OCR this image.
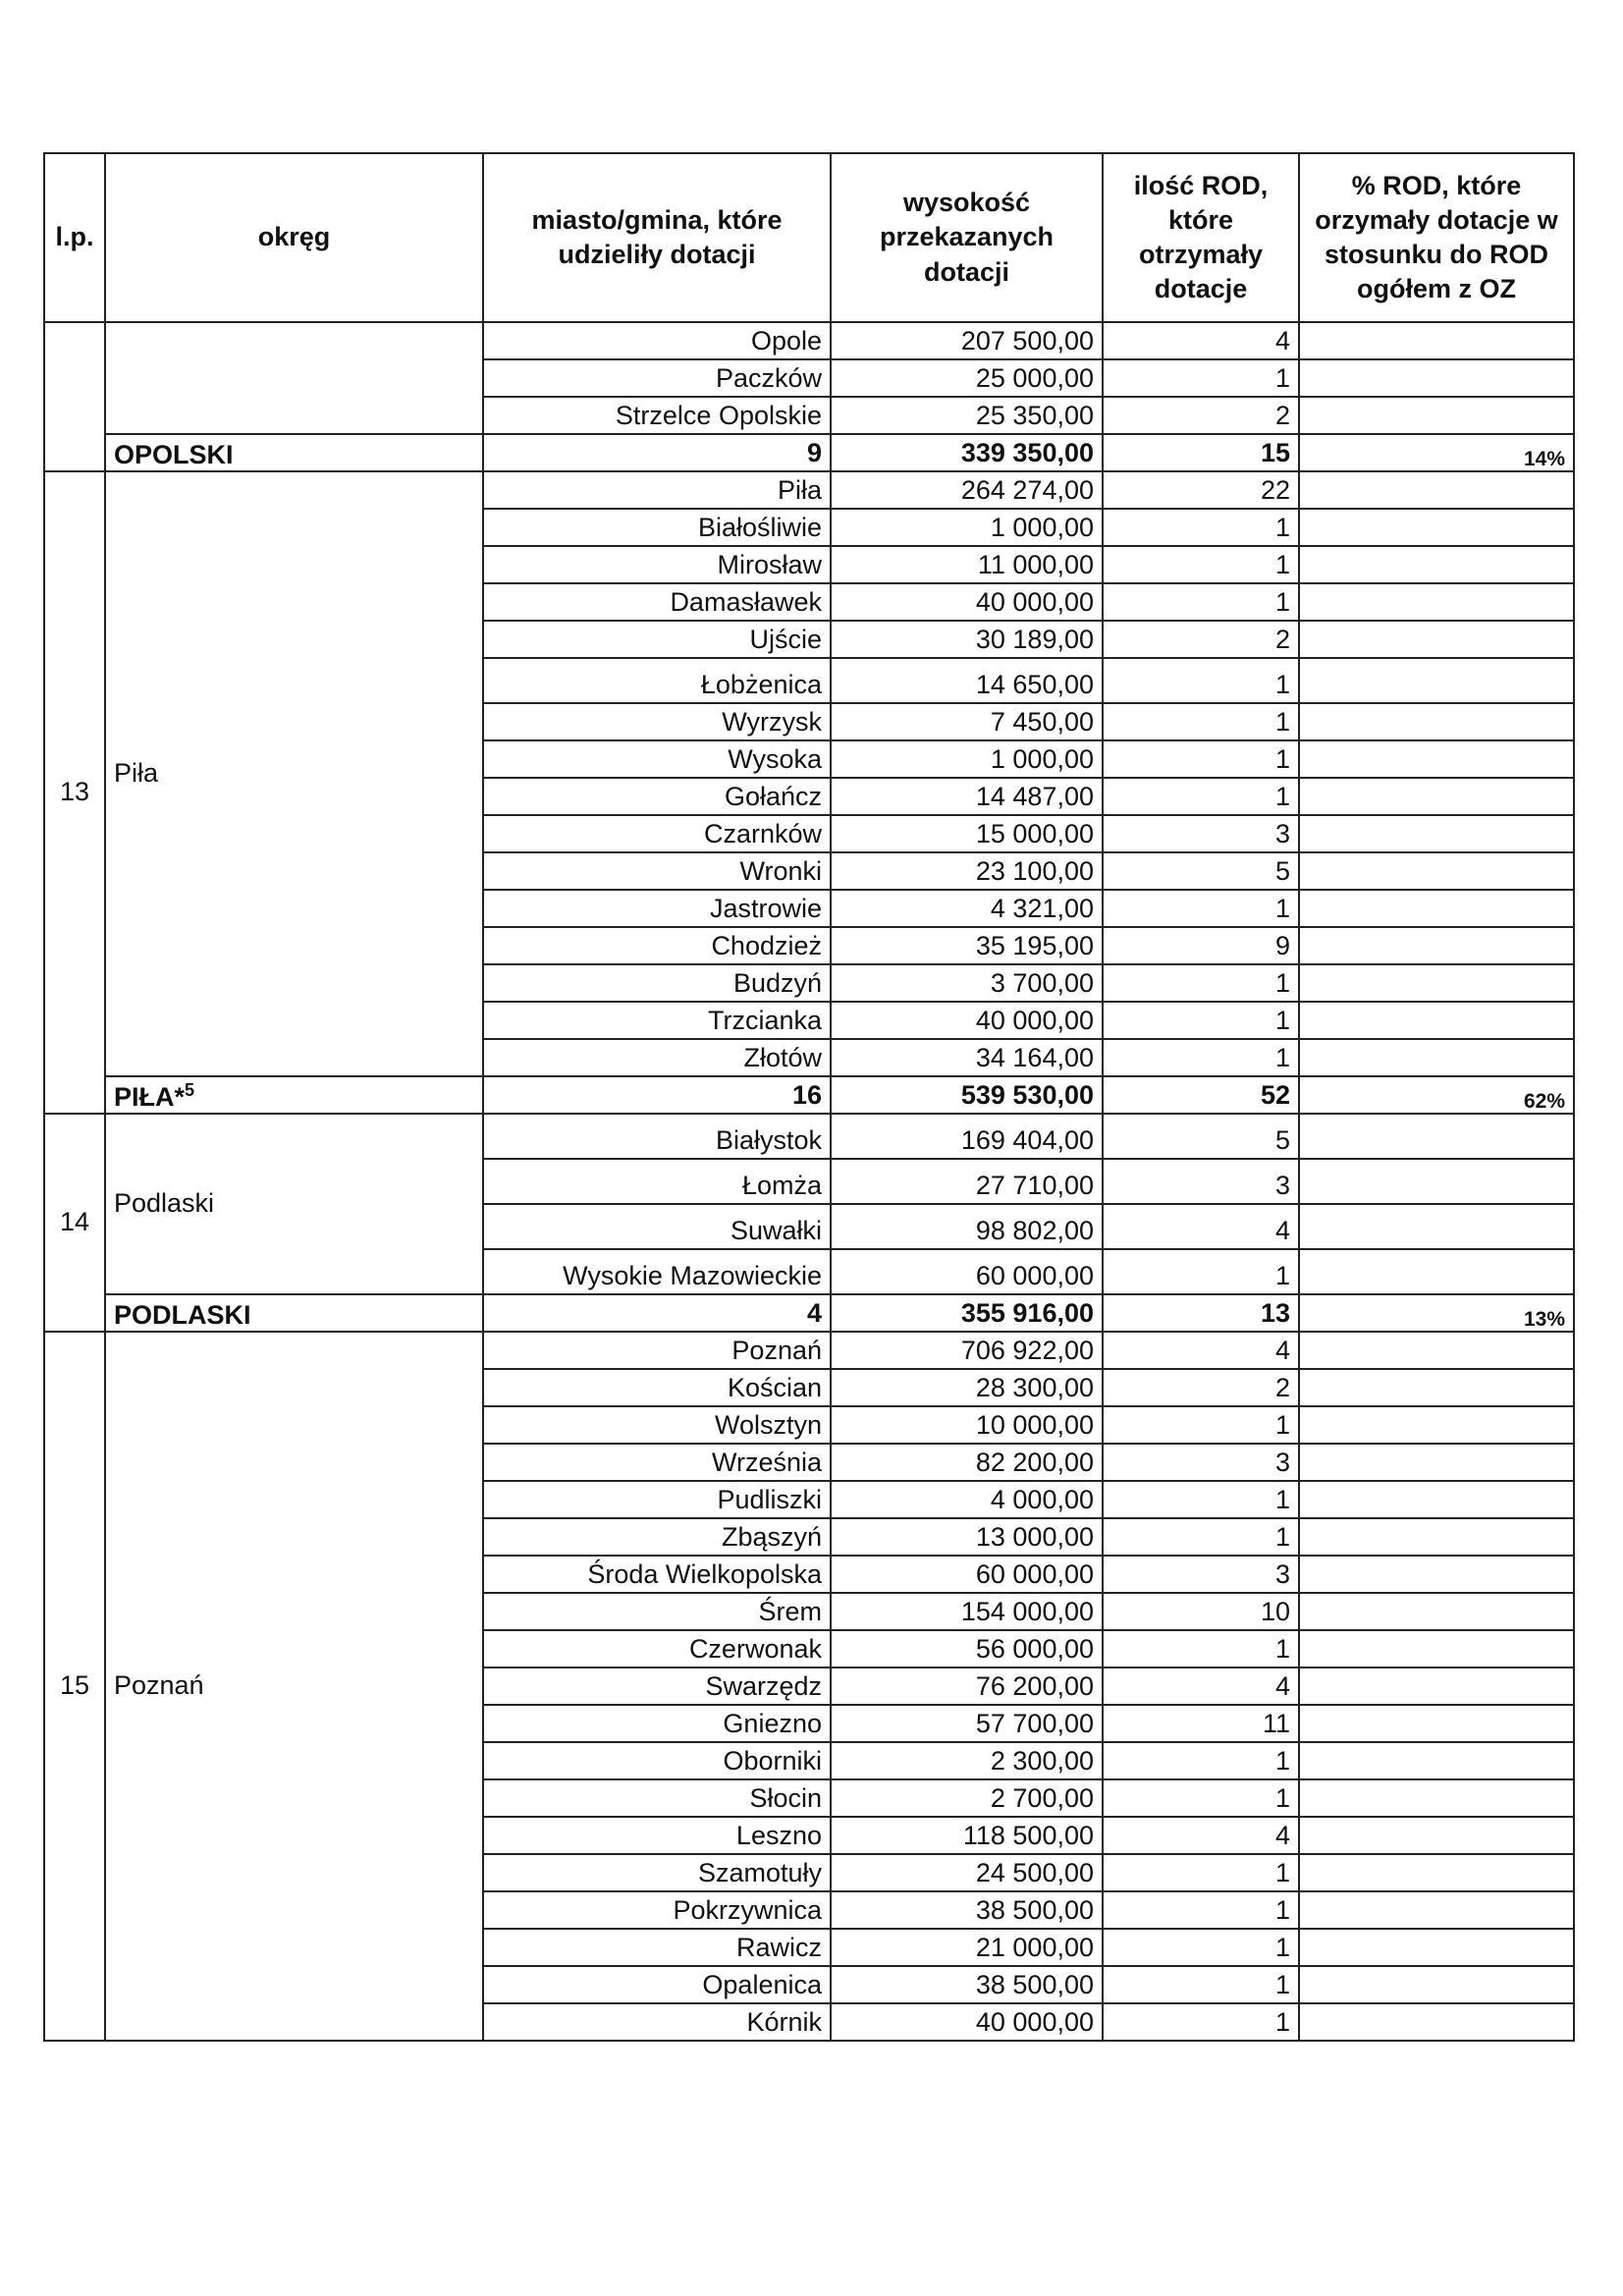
l.p.	okręg	miasto/gmina, które udzieliły dotacji	wysokość przekazanych dotacji	ilość ROD, które otrzymały dotacje	% ROD, które orzymały dotacje w stosunku do ROD ogółem z OZ
		Opole	207 500,00	4	
		Paczków	25 000,00	1	
		Strzelce Opolskie	25 350,00	2	
	OPOLSKI	9	339 350,00	15	14%
13	Piła	Piła	264 274,00	22	
		Białośliwie	1 000,00	1	
		Mirosław	11 000,00	1	
		Damasławek	40 000,00	1	
		Ujście	30 189,00	2	
		Łobżenica	14 650,00	1	
		Wyrzysk	7 450,00	1	
		Wysoka	1 000,00	1	
		Gołańcz	14 487,00	1	
		Czarnków	15 000,00	3	
		Wronki	23 100,00	5	
		Jastrowie	4 321,00	1	
		Chodzież	35 195,00	9	
		Budzyń	3 700,00	1	
		Trzcianka	40 000,00	1	
		Złotów	34 164,00	1	
	PIŁA*$^5$	16	539 530,00	52	62%
14	Podlaski	Białystok	169 404,00	5	
		Łomża	27 710,00	3	
		Suwałki	98 802,00	4	
		Wysokie Mazowieckie	60 000,00	1	
	PODLASKI	4	355 916,00	13	13%
15	Poznań	Poznań	706 922,00	4	
		Kościan	28 300,00	2	
		Wolsztyn	10 000,00	1	
		Września	82 200,00	3	
		Pudliszki	4 000,00	1	
		Zbąszyń	13 000,00	1	
		Środa Wielkopolska	60 000,00	3	
		Śrem	154 000,00	10	
		Czerwonak	56 000,00	1	
		Swarzędz	76 200,00	4	
		Gniezno	57 700,00	11	
		Oborniki	2 300,00	1	
		Słocin	2 700,00	1	
		Leszno	118 500,00	4	
		Szamotuły	24 500,00	1	
		Pokrzywnica	38 500,00	1	
		Rawicz	21 000,00	1	
		Opalenica	38 500,00	1	
		Kórnik	40 000,00	1	
